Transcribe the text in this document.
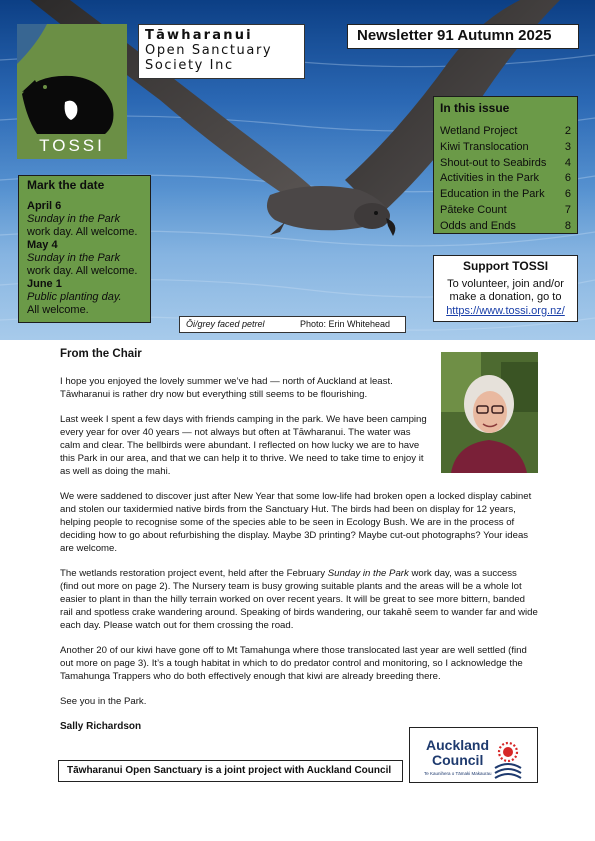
TOSSI
Tāwharanui
Open Sanctuary
Society Inc
Newsletter 91 Autumn 2025
Mark the date
April 6
Sunday in the Park
work day. All welcome.
May 4
Sunday in the Park
work day. All welcome.
June 1
Public planting day.
All welcome.
In this issue
Wetland Project	2
Kiwi Translocation	3
Shout-out to Seabirds 4
Activities in the Park 6
Education in the Park 6
Pāteke Count	7
Odds and Ends	8
Support TOSSI
To volunteer, join and/or
make a donation, go to
https://www.tossi.org.nz/
Ōi/grey faced petrel	Photo: Erin Whitehead
From the Chair

I hope you enjoyed the lovely summer we’ve had — north of Auckland at least. Tāwharanui is rather dry now but everything still seems to be flourishing.

Last week I spent a few days with friends camping in the park. We have been camping every year for over 40 years — not always but often at Tāwharanui. The water was calm and clear. The bellbirds were abundant. I reflected on how lucky we are to have this Park in our area, and that we can help it to thrive. We need to take time to enjoy it as well as doing the mahi.

We were saddened to discover just after New Year that some low-life had broken open a locked display cabinet and stolen our taxidermied native birds from the Sanctuary Hut. The birds had been on display for 12 years, helping people to recognise some of the species able to be seen in Ecology Bush. We are in the process of deciding how to go about refurbishing the display. Maybe 3D printing? Maybe cut-out photographs? Your ideas are welcome.

The wetlands restoration project event, held after the February Sunday in the Park work day, was a success (find out more on page 2). The Nursery team is busy growing suitable plants and the areas will be a whole lot easier to plant in than the hilly terrain worked on over recent years. It will be great to see more bittern, banded rail and spotless crake wandering around. Speaking of birds wandering, our takahē seem to wander far and wide each day. Please watch out for them crossing the road.

Another 20 of our kiwi have gone off to Mt Tamahunga where those translocated last year are well settled (find out more on page 3). It’s a tough habitat in which to do predator control and monitoring, so I acknowledge the Tamahunga Trappers who do both effectively enough that kiwi are already breeding there.

See you in the Park.

Sally Richardson
Tāwharanui Open Sanctuary is a joint project with Auckland Council
Auckland
Council
Te Kaunihera o Tāmaki Makaurau
